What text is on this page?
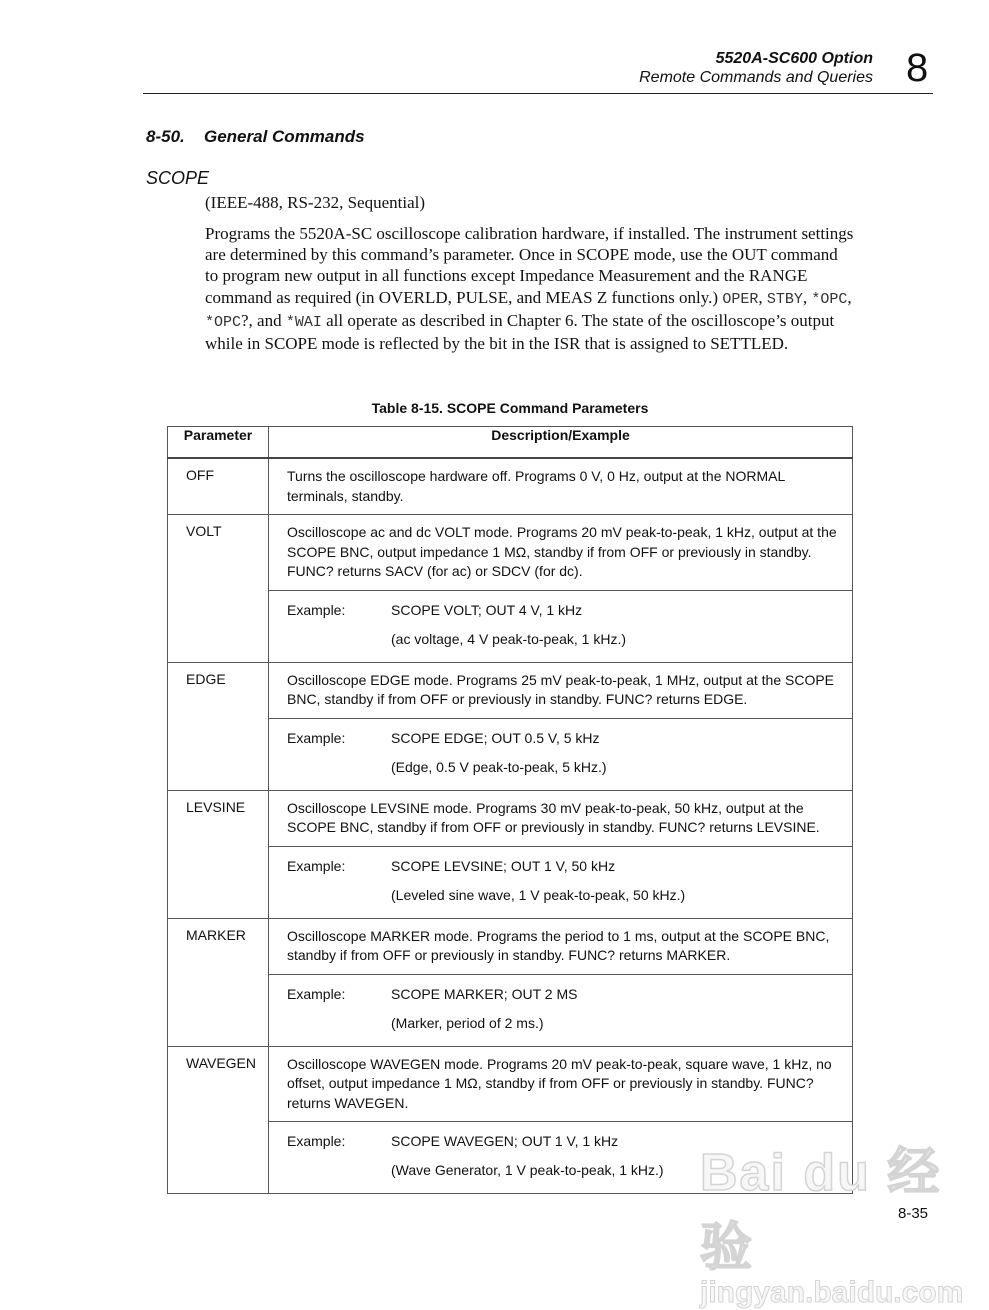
5520A-SC600 Option
Remote Commands and Queries 8
8-50. General Commands
SCOPE
(IEEE-488, RS-232, Sequential)
Programs the 5520A-SC oscilloscope calibration hardware, if installed. The instrument settings are determined by this command’s parameter. Once in SCOPE mode, use the OUT command to program new output in all functions except Impedance Measurement and the RANGE command as required (in OVERLD, PULSE, and MEAS Z functions only.) OPER, STBY, *OPC, *OPC?, and *WAI all operate as described in Chapter 6. The state of the oscilloscope’s output while in SCOPE mode is reflected by the bit in the ISR that is assigned to SETTLED.
Table 8-15. SCOPE Command Parameters
Parameter	Description/Example
OFF	Turns the oscilloscope hardware off. Programs 0 V, 0 Hz, output at the NORMAL terminals, standby.
VOLT	Oscilloscope ac and dc VOLT mode. Programs 20 mV peak-to-peak, 1 kHz, output at the SCOPE BNC, output impedance 1 MΩ, standby if from OFF or previously in standby. FUNC? returns SACV (for ac) or SDCV (for dc).

	Example: SCOPE VOLT; OUT 4 V, 1 kHz
(ac voltage, 4 V peak-to-peak, 1 kHz.)

EDGE	Oscilloscope EDGE mode. Programs 25 mV peak-to-peak, 1 MHz, output at the SCOPE BNC, standby if from OFF or previously in standby. FUNC? returns EDGE.

	Example: SCOPE EDGE; OUT 0.5 V, 5 kHz
(Edge, 0.5 V peak-to-peak, 5 kHz.)

LEVSINE	Oscilloscope LEVSINE mode. Programs 30 mV peak-to-peak, 50 kHz, output at the SCOPE BNC, standby if from OFF or previously in standby. FUNC? returns LEVSINE.

	Example: SCOPE LEVSINE; OUT 1 V, 50 kHz
(Leveled sine wave, 1 V peak-to-peak, 50 kHz.)

MARKER	Oscilloscope MARKER mode. Programs the period to 1 ms, output at the SCOPE BNC, standby if from OFF or previously in standby. FUNC? returns MARKER.

	Example: SCOPE MARKER; OUT 2 MS
(Marker, period of 2 ms.)

WAVEGEN	Oscilloscope WAVEGEN mode. Programs 20 mV peak-to-peak, square wave, 1 kHz, no offset, output impedance 1 MΩ, standby if from OFF or previously in standby. FUNC? returns WAVEGEN.

	Example: SCOPE WAVEGEN; OUT 1 V, 1 kHz
(Wave Generator, 1 V peak-to-peak, 1 kHz.) Bai du 经验
jingyan.baidu.com
8-35
